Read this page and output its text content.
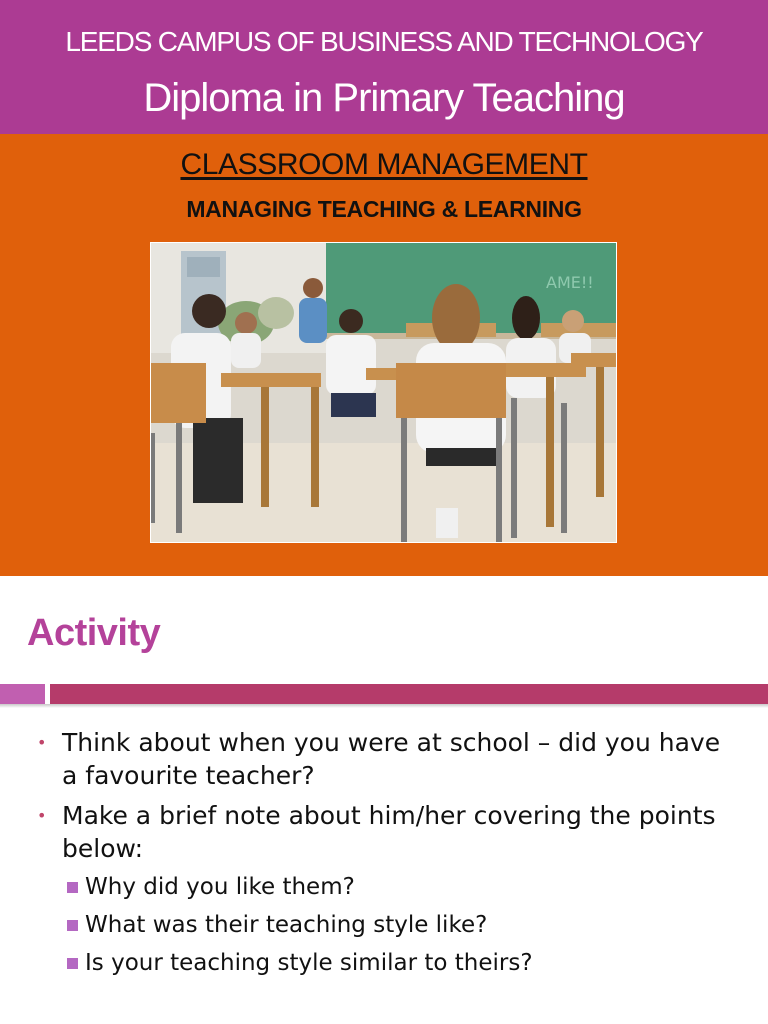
LEEDS CAMPUS OF BUSINESS AND TECHNOLOGY
Diploma in Primary Teaching
CLASSROOM MANAGEMENT
MANAGING TEACHING & LEARNING
AME!!
Activity
• Think about when you were at school – did you have a favourite teacher?
• Make a brief note about him/her covering the points below:
Why did you like them?
What was their teaching style like?
Is your teaching style similar to theirs?
